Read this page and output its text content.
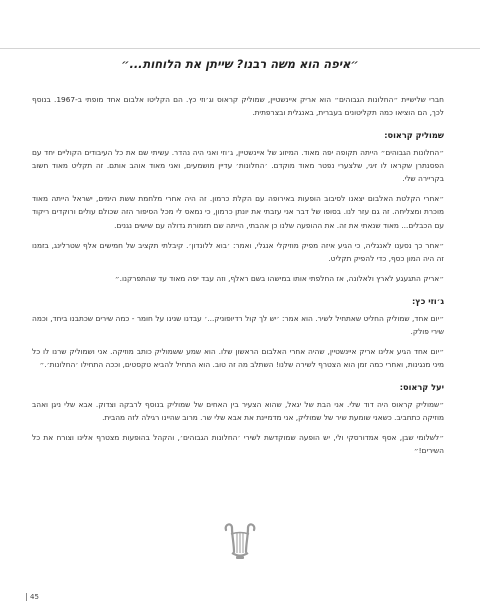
״איפה הוא משה רבנו? שייתן את הלוחות...״

חברי שלישיית ״החלונות הגבוהים״ הוא אריק איינשטיין, שמוליק קראוס וג׳וזי כץ. הם הקליטו אלבום אחד מופתי ב-1967. בנוסף לכך, הם הוציאו כמה תקליטונים בעברית, באנגלית ובצרפתית.

שמוליק קראוס:

״החלונות הגבוהים״ הייתה תקופה יפה מאוד. המיזוג של איינשטיין, ג׳וזי ואני היה נהדר. עשיתי שם את כל העיבודים הקוליים יחד עם הפסנתרן שקראו לו זיגי, שלצערי נפטר מאוד מוקדם. ׳החלונות׳ עדיין מושמעים, ואני מאוד אוהב אותם. זה תקליט מאוד חשוב בקריירה שלי.

״אחרי הקלטת האלבום יצאנו לסיבוב הופעות באירופה עם הקלת כרמון. זה היה אחרי מלחמת ששת הימים, ישראל הייתה מאוד מוכרת ומצליחה. זה גם עזר לנו. בסופו של דבר אני עזבתי את יונתן כרמון, כי נמאס לי מכל הסיפור הזה שכולם עולים ורוקדים ריקוד עם הכבלים... מאוד שנאתי את זה. את ההופעה שלנו כן אהבתי, הייתה שם תזמורת גדולה עם שישים נגנים.

״אחר כך נסענו לאנגליה, כי הגיע איזה מפיק מוזיקלי אנגלי, ואמר: ׳בוא ללונדון׳. קיבלתי תקציב של חמישים אלף שטרלינג, בזמנו זה היה המון כסף, כדי להפיק תקליט.

״אריק התגעגע לארץ ולאלונה, אז החלפתי אותו במישהו בשם ראלף, וזה עבד יפה מאוד עד שהתפרקנו.״

ג׳וזי כץ:

״יום אחד, שמוליק החליט שאתחיל לשיר. הוא אמר: ׳יש לך קול רדיופוניק...׳ עבדנו שנינו על חומר - כמה שירים שכתבנו ביחד, וכמה שירי פולק.

״יום אחד הגיע אלינו אריק איינשטיין, שהיה אחרי האלבום הראשון שלו. הוא שמע ששמוליק כותב מוזיקה. אני ושמוליק שרנו לו כל מיני מנגינות, ואחרי כמה זמן הוא הצטרף לשירה שלנו! השתלב מה זה טוב. הוא התחיל להביא טקסטים, וככה התחילו ׳החלונות׳.״

יעל קראוס:

״שמוליק קראוס היה דוד שלי. אני הבת של יגאל, שהוא הצעיר בין האחים של שמוליק בנוסף לרבקה וצדוק. אבא שלי ניגן ואהב מוזיקה כתחביב. כשאני שומעת שיר של שמוליק, אני מדמיינת את אבא שלי שר. מרוב שהיינו רגילה לזה מהבית.

״לשלומי שבן, אסף אמדורסקי ולי, יש הופעה שמוקדשת לשירי ׳החלונות הגבוהים׳, והקהל בהופעות מצטרף אלינו וצורח את כל השירים!״

45
